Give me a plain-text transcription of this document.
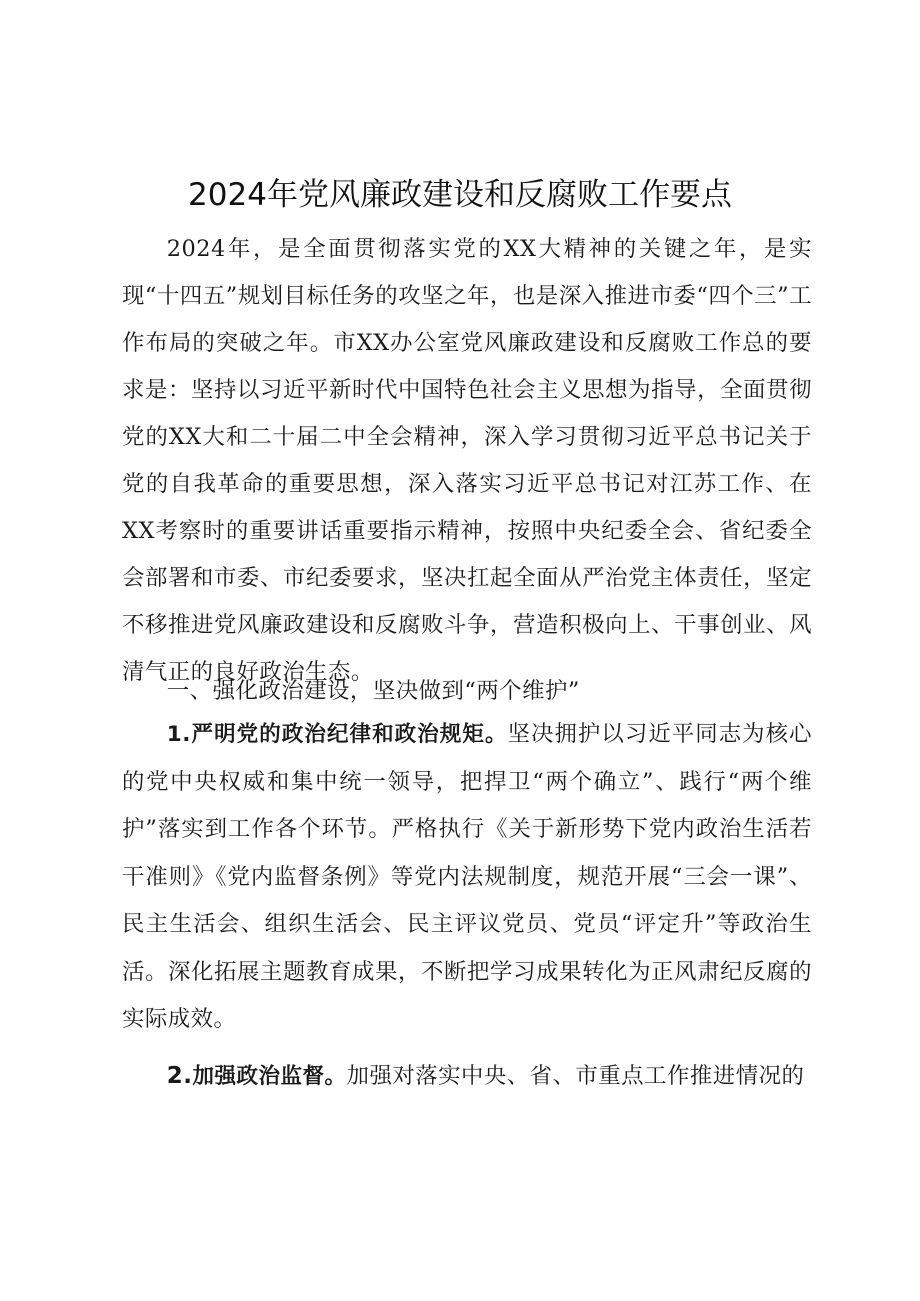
2024年党风廉政建设和反腐败工作要点

2024年，是全面贯彻落实党的XX大精神的关键之年，是实现“十四五”规划目标任务的攻坚之年，也是深入推进市委“四个三”工作布局的突破之年。市XX办公室党风廉政建设和反腐败工作总的要求是：坚持以习近平新时代中国特色社会主义思想为指导，全面贯彻党的XX大和二十届二中全会精神，深入学习贯彻习近平总书记关于党的自我革命的重要思想，深入落实习近平总书记对江苏工作、在XX考察时的重要讲话重要指示精神，按照中央纪委全会、省纪委全会部署和市委、市纪委要求，坚决扛起全面从严治党主体责任，坚定不移推进党风廉政建设和反腐败斗争，营造积极向上、干事创业、风清气正的良好政治生态。

一、强化政治建设，坚决做到“两个维护”

1.严明党的政治纪律和政治规矩。坚决拥护以习近平同志为核心的党中央权威和集中统一领导，把捍卫“两个确立”、践行“两个维护”落实到工作各个环节。严格执行《关于新形势下党内政治生活若干准则》《党内监督条例》等党内法规制度，规范开展“三会一课”、民主生活会、组织生活会、民主评议党员、党员“评定升”等政治生活。深化拓展主题教育成果，不断把学习成果转化为正风肃纪反腐的实际成效。

2.加强政治监督。加强对落实中央、省、市重点工作推进情况的
